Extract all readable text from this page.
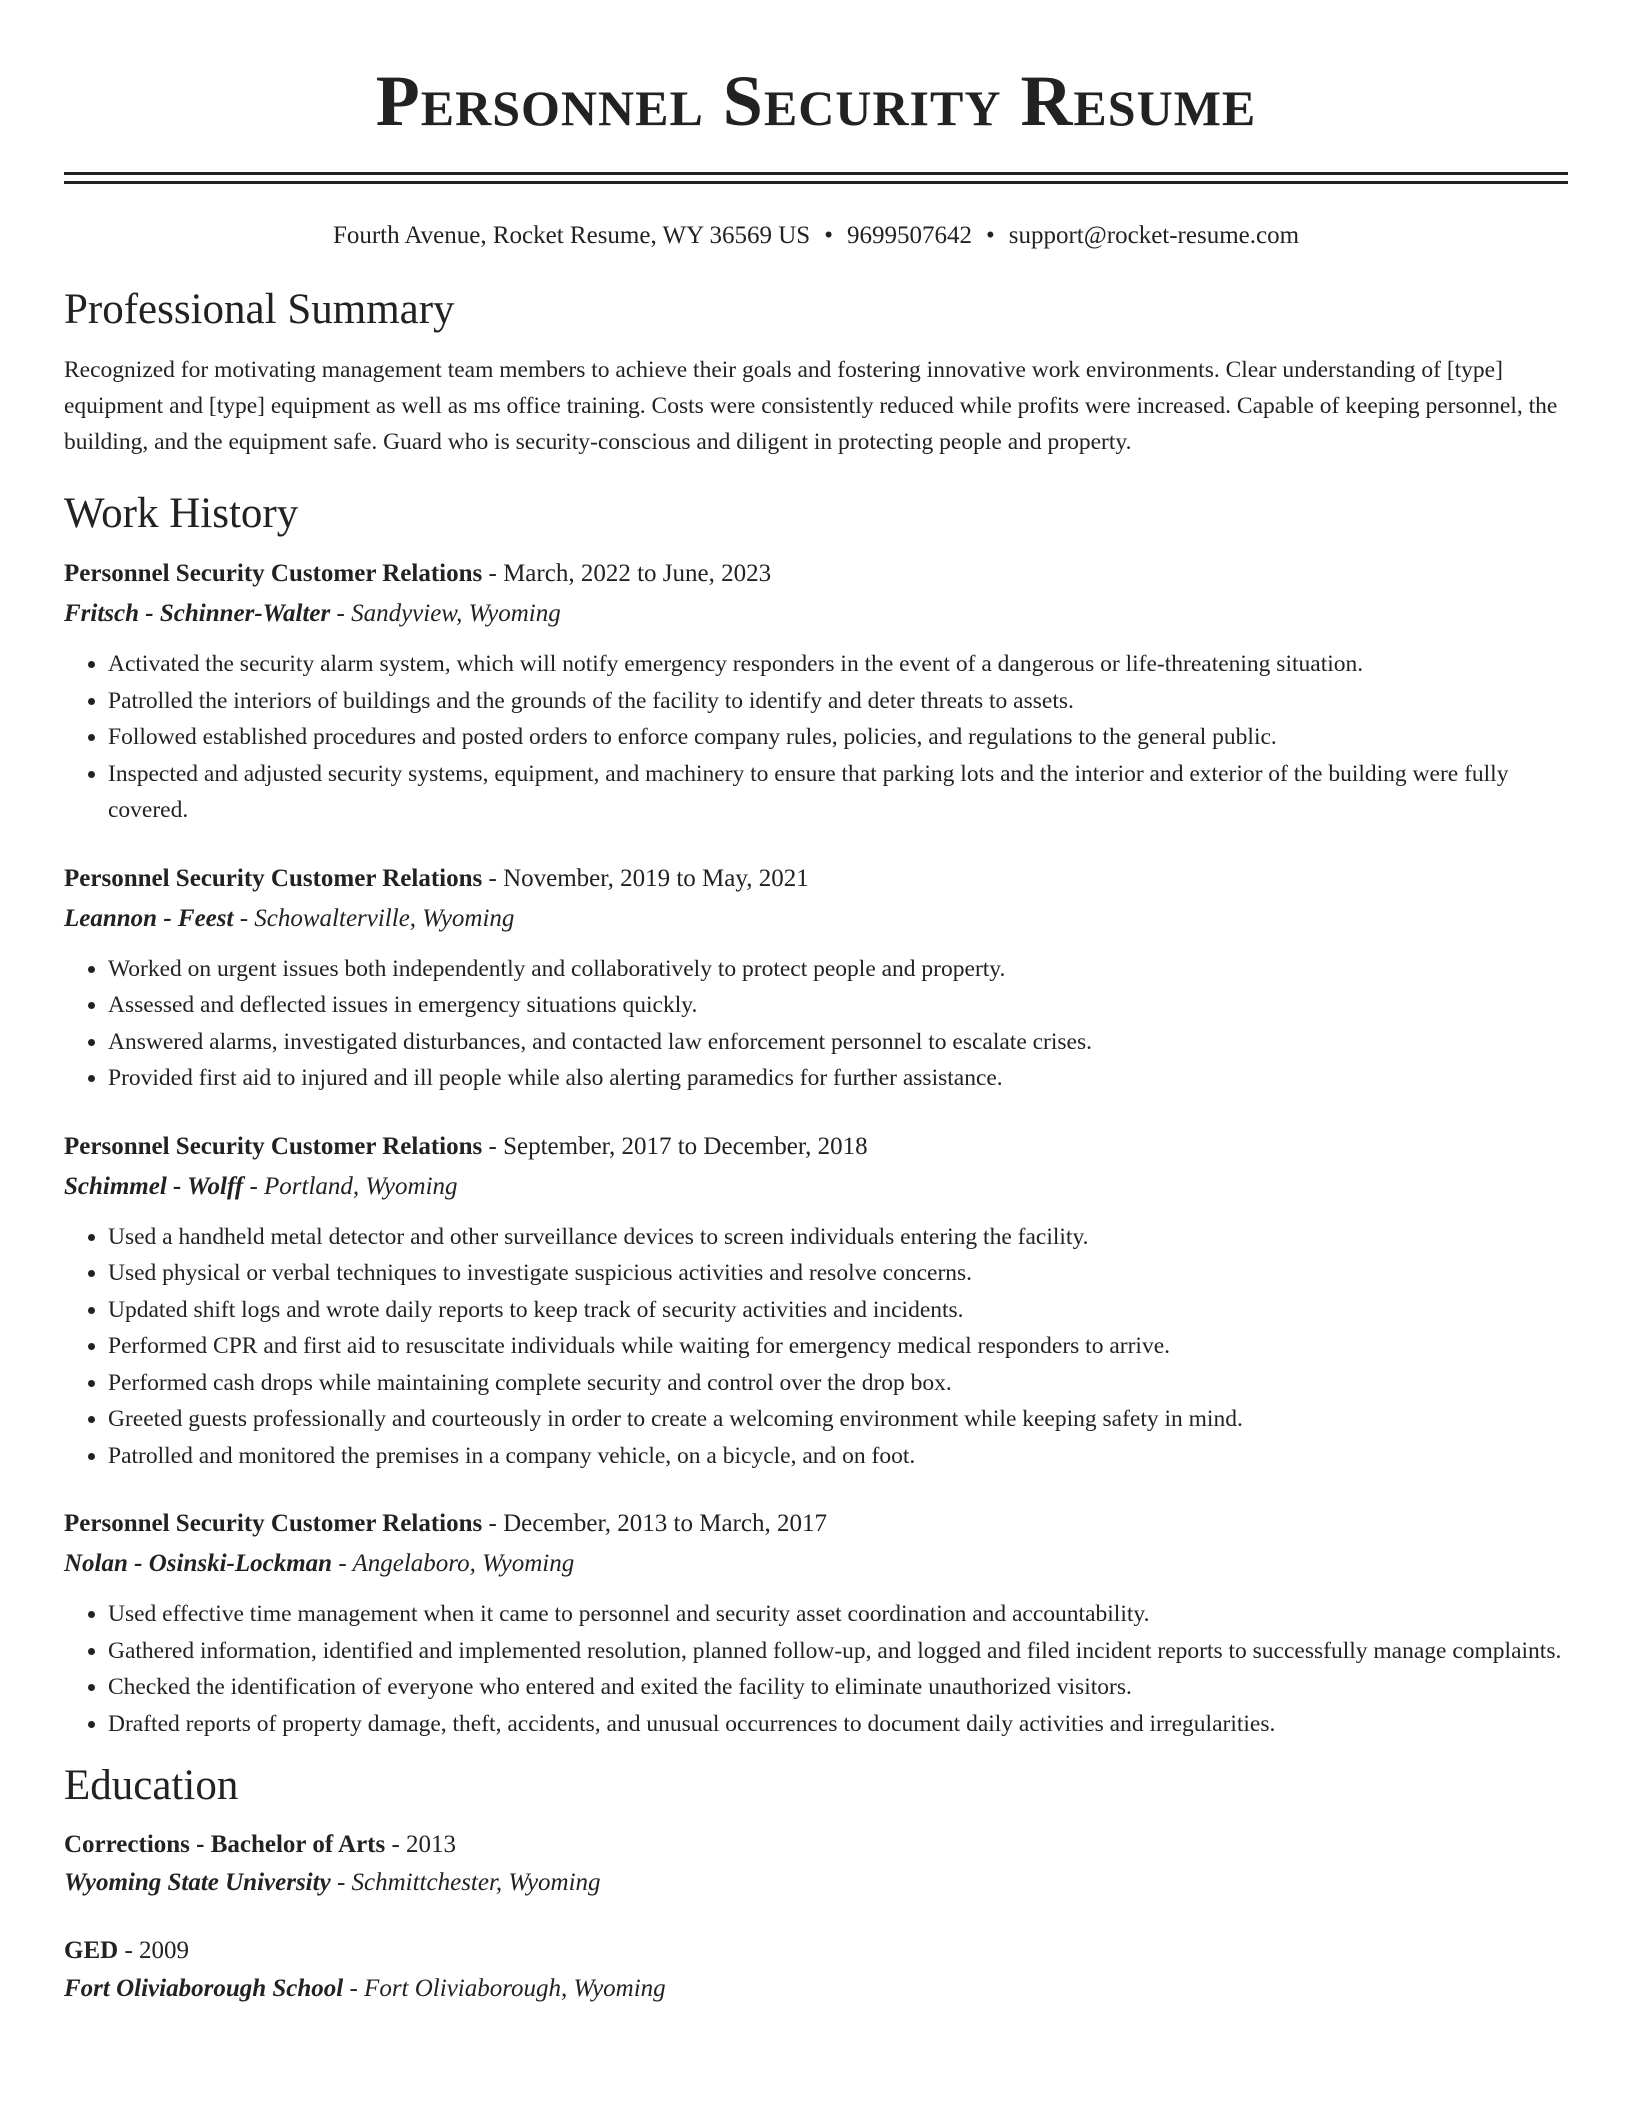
Personnel Security Resume
Fourth Avenue, Rocket Resume, WY 36569 US • 9699507642 • support@rocket-resume.com
Professional Summary

Recognized for motivating management team members to achieve their goals and fostering innovative work environments. Clear understanding of [type] equipment and [type] equipment as well as ms office training. Costs were consistently reduced while profits were increased. Capable of keeping personnel, the building, and the equipment safe. Guard who is security-conscious and diligent in protecting people and property.

Work History
Personnel Security Customer Relations - March, 2022 to June, 2023
Fritsch - Schinner-Walter - Sandyview, Wyoming
• Activated the security alarm system, which will notify emergency responders in the event of a dangerous or life-threatening situation.
• Patrolled the interiors of buildings and the grounds of the facility to identify and deter threats to assets.
• Followed established procedures and posted orders to enforce company rules, policies, and regulations to the general public.
• Inspected and adjusted security systems, equipment, and machinery to ensure that parking lots and the interior and exterior of the building were fully covered.
Personnel Security Customer Relations - November, 2019 to May, 2021
Leannon - Feest - Schowalterville, Wyoming
• Worked on urgent issues both independently and collaboratively to protect people and property.
• Assessed and deflected issues in emergency situations quickly.
• Answered alarms, investigated disturbances, and contacted law enforcement personnel to escalate crises.
• Provided first aid to injured and ill people while also alerting paramedics for further assistance.
Personnel Security Customer Relations - September, 2017 to December, 2018
Schimmel - Wolff - Portland, Wyoming
• Used a handheld metal detector and other surveillance devices to screen individuals entering the facility.
• Used physical or verbal techniques to investigate suspicious activities and resolve concerns.
• Updated shift logs and wrote daily reports to keep track of security activities and incidents.
• Performed CPR and first aid to resuscitate individuals while waiting for emergency medical responders to arrive.
• Performed cash drops while maintaining complete security and control over the drop box.
• Greeted guests professionally and courteously in order to create a welcoming environment while keeping safety in mind.
• Patrolled and monitored the premises in a company vehicle, on a bicycle, and on foot.
Personnel Security Customer Relations - December, 2013 to March, 2017
Nolan - Osinski-Lockman - Angelaboro, Wyoming
• Used effective time management when it came to personnel and security asset coordination and accountability.
• Gathered information, identified and implemented resolution, planned follow-up, and logged and filed incident reports to successfully manage complaints.
• Checked the identification of everyone who entered and exited the facility to eliminate unauthorized visitors.
• Drafted reports of property damage, theft, accidents, and unusual occurrences to document daily activities and irregularities.
Education
Corrections - Bachelor of Arts - 2013
Wyoming State University - Schmittchester, Wyoming
GED - 2009
Fort Oliviaborough School - Fort Oliviaborough, Wyoming
